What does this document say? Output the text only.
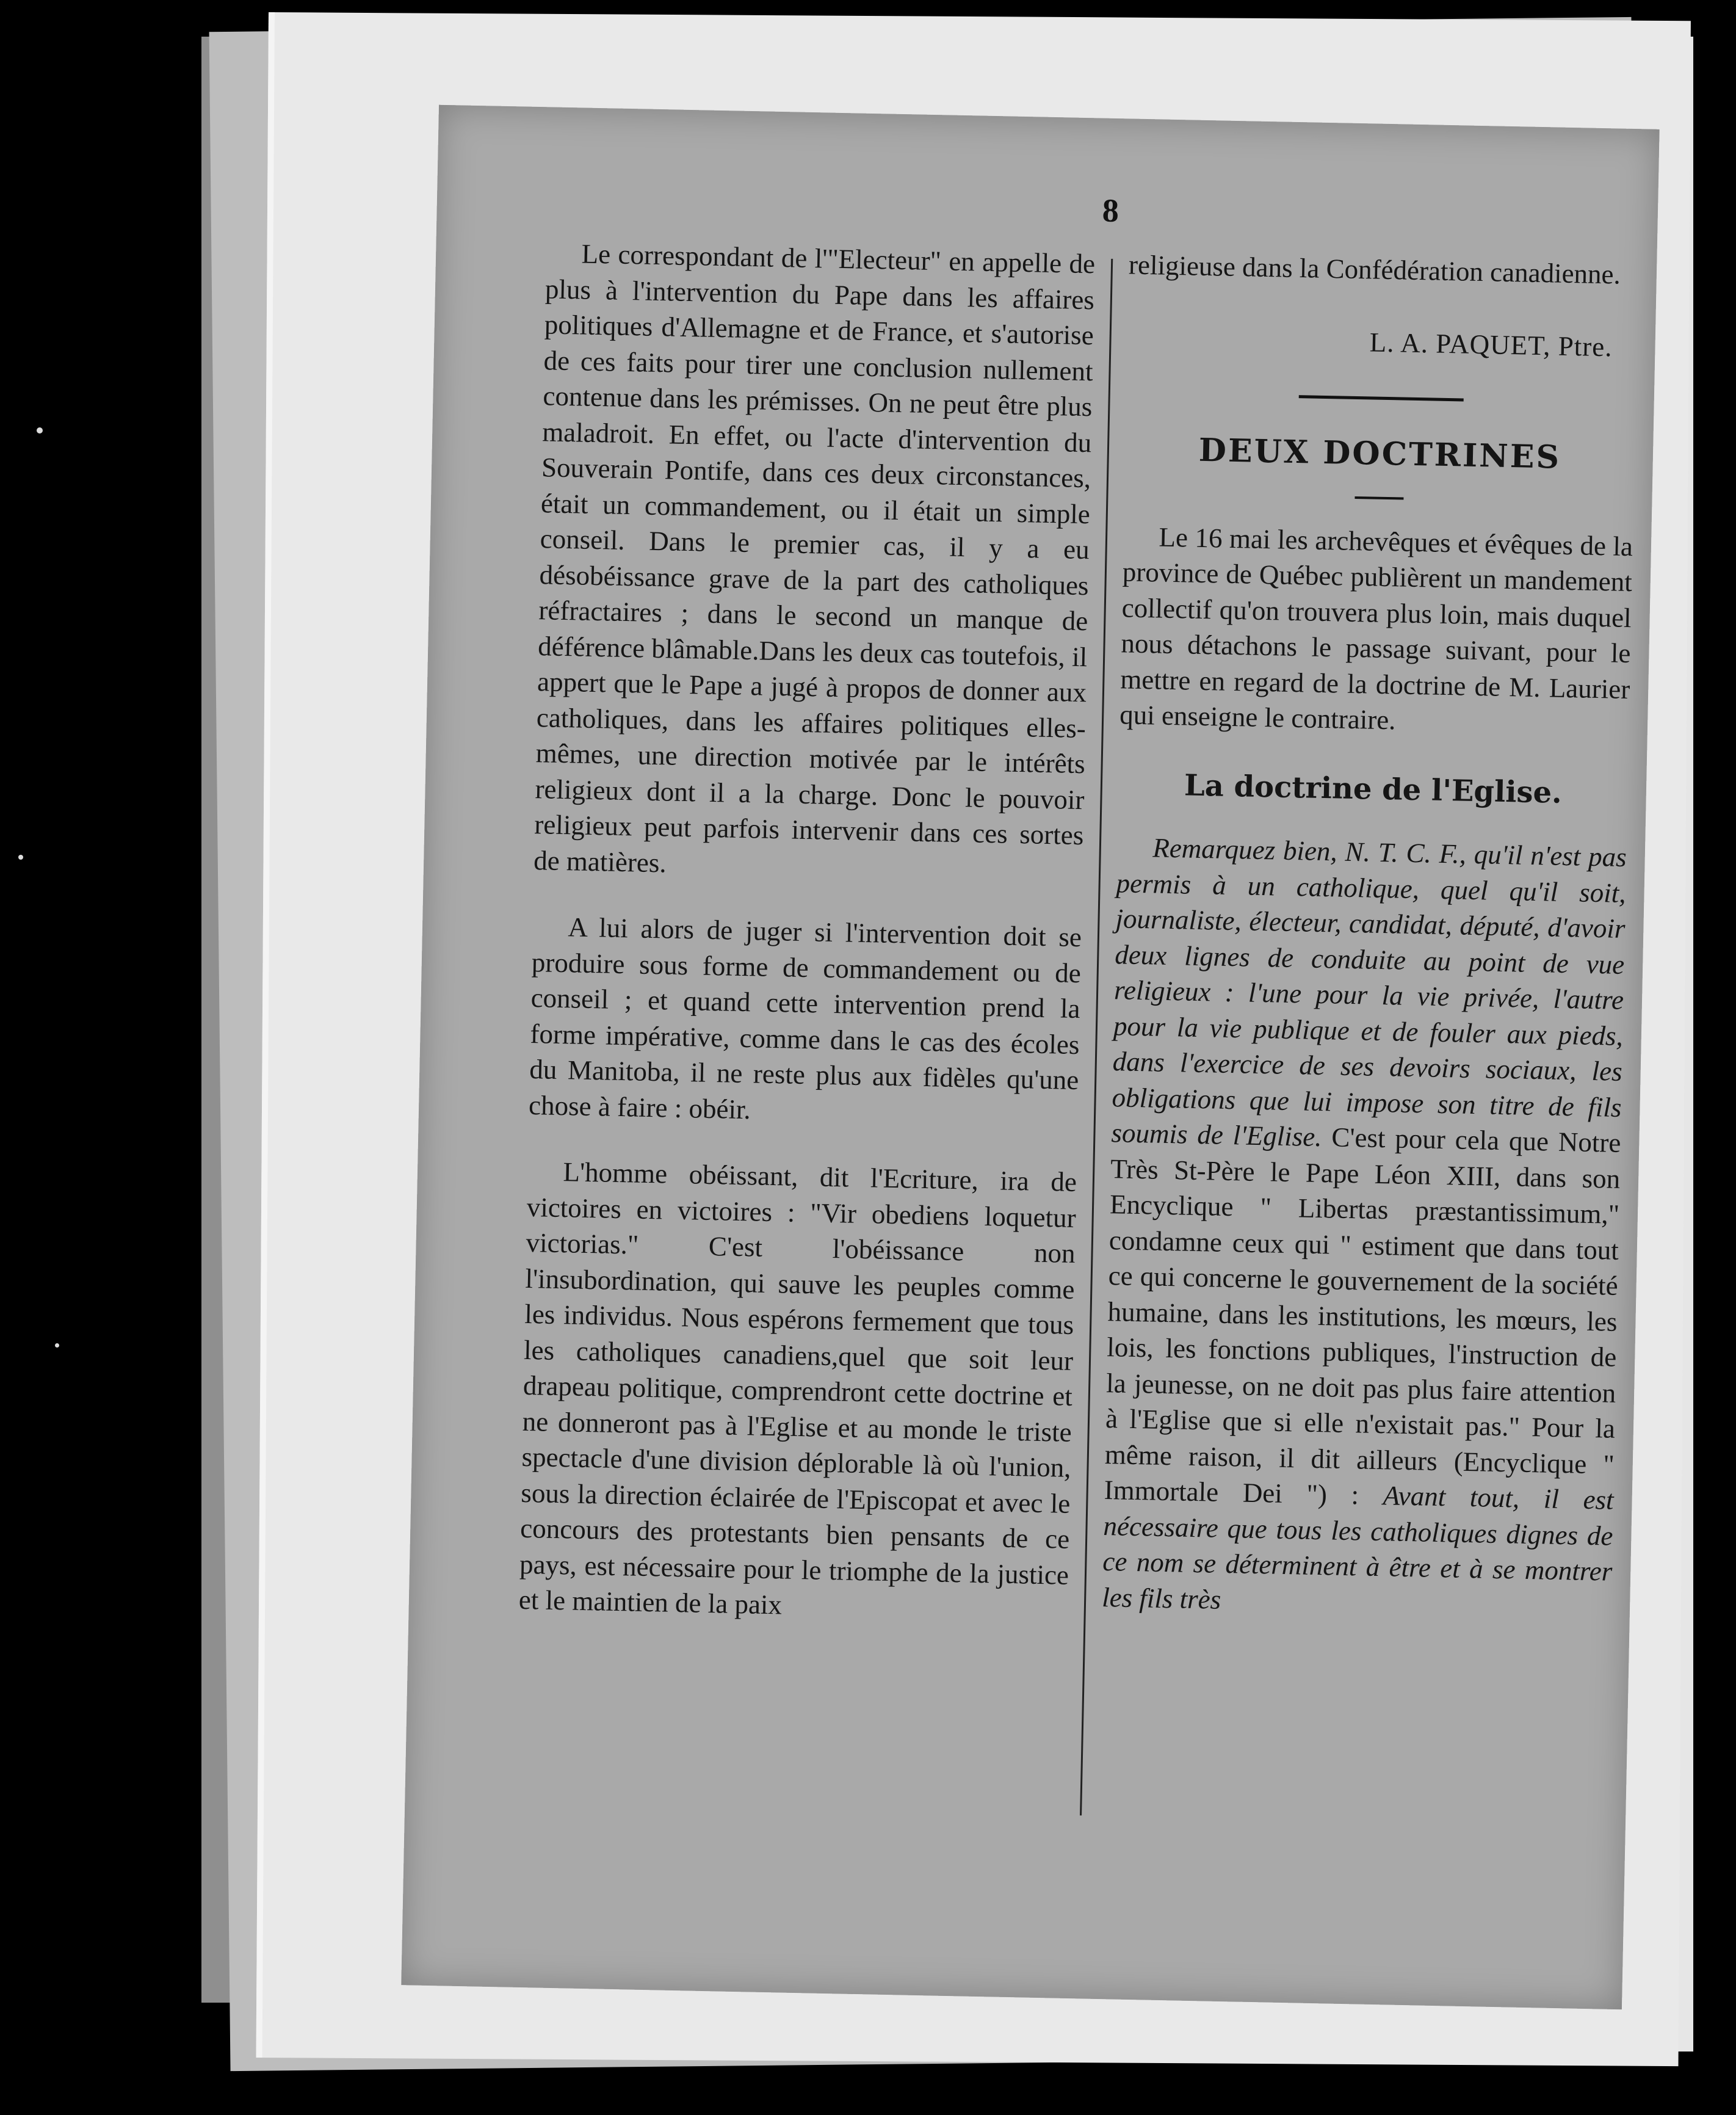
8

Le correspondant de l'"Electeur" en appelle de plus à l'intervention du Pape dans les affaires politiques d'Allemagne et de France, et s'autorise de ces faits pour tirer une conclusion nullement contenue dans les prémisses. On ne peut être plus maladroit. En effet, ou l'acte d'intervention du Souverain Pontife, dans ces deux circonstances, était un commandement, ou il était un simple conseil. Dans le premier cas, il y a eu désobéissance grave de la part des catholiques réfractaires ; dans le second un manque de déférence blâmable.Dans les deux cas toutefois, il appert que le Pape a jugé à propos de donner aux catholiques, dans les affaires politiques elles-mêmes, une direction motivée par le intérêts religieux dont il a la charge. Donc le pouvoir religieux peut parfois intervenir dans ces sortes de matières.

A lui alors de juger si l'intervention doit se produire sous forme de commandement ou de conseil ; et quand cette intervention prend la forme impérative, comme dans le cas des écoles du Manitoba, il ne reste plus aux fidèles qu'une chose à faire : obéir.

L'homme obéissant, dit l'Ecriture, ira de victoires en victoires : "Vir obediens loquetur victorias." C'est l'obéissance non l'insubordination, qui sauve les peuples comme les individus. Nous espérons fermement que tous les catholiques canadiens,quel que soit leur drapeau politique, comprendront cette doctrine et ne donneront pas à l'Eglise et au monde le triste spectacle d'une division déplorable là où l'union, sous la direction éclairée de l'Episcopat et avec le concours des protestants bien pensants de ce pays, est nécessaire pour le triomphe de la justice et le maintien de la paix

religieuse dans la Confédération canadienne.

L. A. PAQUET, Ptre.

DEUX DOCTRINES

Le 16 mai les archevêques et évêques de la province de Québec publièrent un mandement collectif qu'on trouvera plus loin, mais duquel nous détachons le passage suivant, pour le mettre en regard de la doctrine de M. Laurier qui enseigne le contraire.

La doctrine de l'Eglise.

Remarquez bien, N. T. C. F., qu'il n'est pas permis à un catholique, quel qu'il soit, journaliste, électeur, candidat, député, d'avoir deux lignes de conduite au point de vue religieux : l'une pour la vie privée, l'autre pour la vie publique et de fouler aux pieds, dans l'exercice de ses devoirs sociaux, les obligations que lui impose son titre de fils soumis de l'Eglise. C'est pour cela que Notre Très St-Père le Pape Léon XIII, dans son Encyclique " Libertas præstantissimum," condamne ceux qui " estiment que dans tout ce qui concerne le gouvernement de la société humaine, dans les institutions, les mœurs, les lois, les fonctions publiques, l'instruction de la jeunesse, on ne doit pas plus faire attention à l'Eglise que si elle n'existait pas." Pour la même raison, il dit ailleurs (Encyclique " Immortale Dei ") : Avant tout, il est nécessaire que tous les catholiques dignes de ce nom se déterminent à être et à se montrer les fils très
